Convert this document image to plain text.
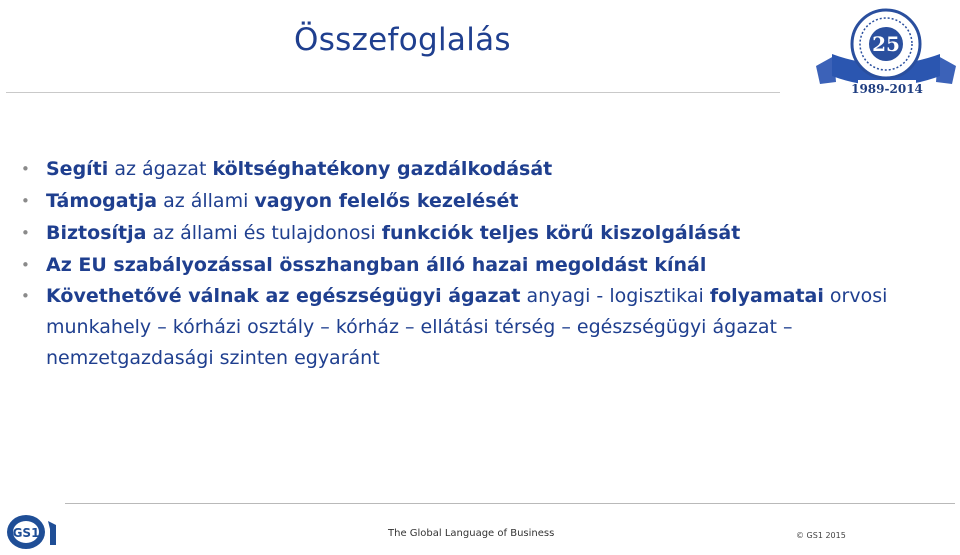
Összefoglalás	25
1989-2014
• Segíti az ágazat költséghatékony gazdálkodását
• Támogatja az állami vagyon felelős kezelését
• Biztosítja az állami és tulajdonosi funkciók teljes körű kiszolgálását
• Az EU szabályozással összhangban álló hazai megoldást kínál
• Követhetővé válnak az egészségügyi ágazat anyagi - logisztikai folyamatai orvosi munkahely – kórházi osztály – kórház – ellátási térség – egészségügyi ágazat – nemzetgazdasági szinten egyaránt
GS1	The Global Language of Business	© GS1 2015
